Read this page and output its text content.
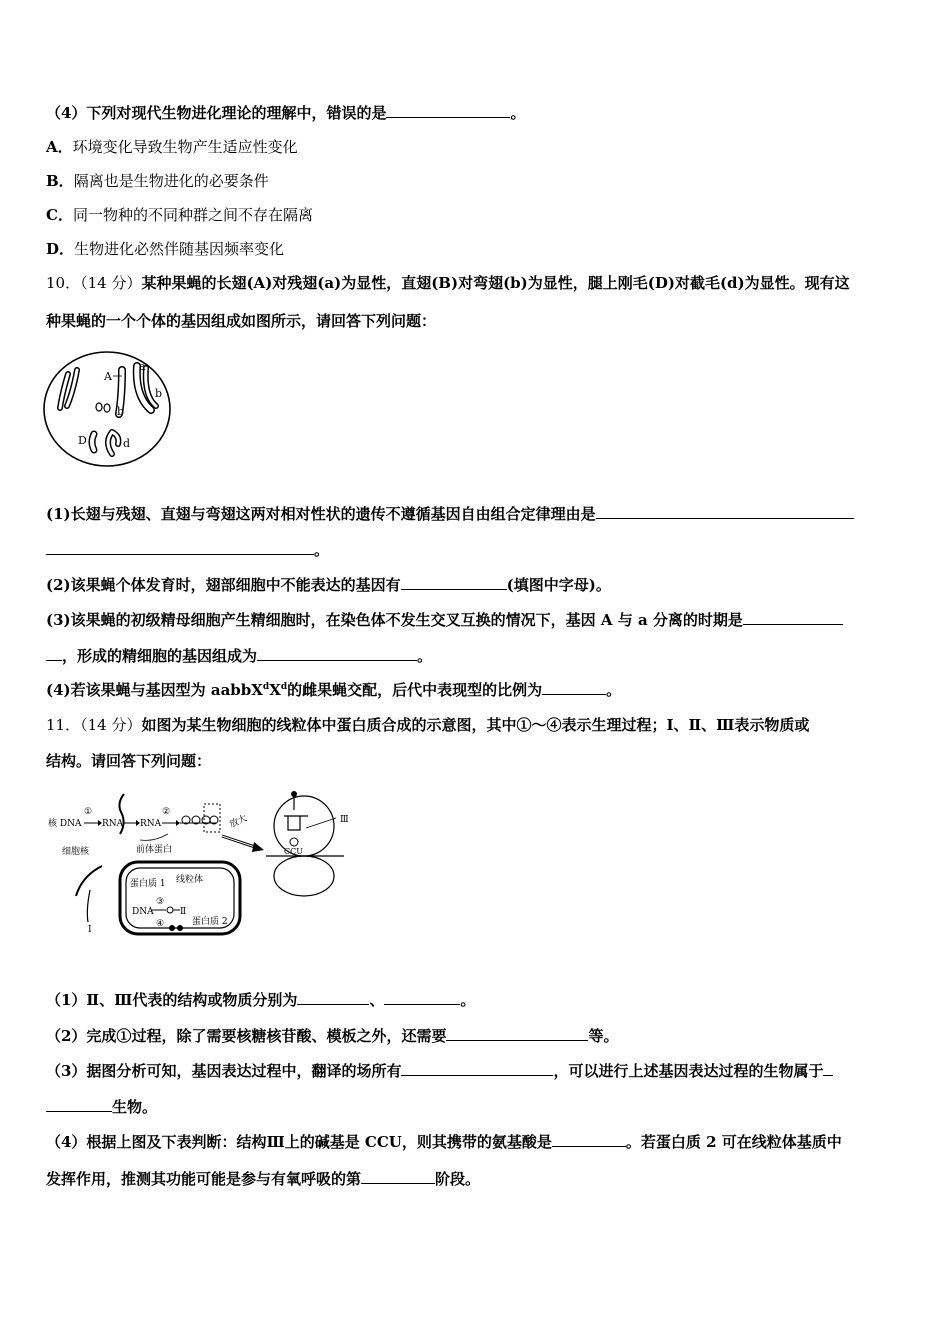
（4）下列对现代生物进化理论的理解中，错误的是	。
A．环境变化导致生物产生适应性变化
B．隔离也是生物进化的必要条件
C．同一物种的不同种群之间不存在隔离
D．生物进化必然伴随基因频率变化
10．（14 分）某种果蝇的长翅(A)对残翅(a)为显性，直翅(B)对弯翅(b)为显性，腿上刚毛(D)对截毛(d)为显性。现有这
种果蝇的一个个体的基因组成如图所示，请回答下列问题：
A
a
b
b
D	d
(1)长翅与残翅、直翅与弯翅这两对相对性状的遗传不遵循基因自由组合定律理由是
。
(2)该果蝇个体发育时，翅部细胞中不能表达的基因有	(填图中字母)。
(3)该果蝇的初级精母细胞产生精细胞时，在染色体不发生交叉互换的情况下，基因 A 与 a 分离的时期是
，形成的精细胞的基因组成为	。
(4)若该果蝇与基因型为 $aabbX^dX^d$的雌果蝇交配，后代中表现型的比例为	。
11．（14 分）如图为某生物细胞的线粒体中蛋白质合成的示意图，其中①～④表示生理过程；Ⅰ、Ⅱ、Ⅲ表示物质或
结构。请回答下列问题：
核 DNA
①
RNA RNA
②
细胞核	前体蛋白
放大
Ⅰ
蛋白质 1 线粒体
③
DNA	Ⅱ
④	蛋白质 2
Ⅲ
CCU
（1）Ⅱ、Ⅲ代表的结构或物质分别为	、	。
（2）完成①过程，除了需要核糖核苷酸、模板之外，还需要	等。
（3）据图分析可知，基因表达过程中，翻译的场所有	，可以进行上述基因表达过程的生物属于
生物。
（4）根据上图及下表判断：结构Ⅲ上的碱基是 CCU，则其携带的氨基酸是	。若蛋白质 2 可在线粒体基质中
发挥作用，推测其功能可能是参与有氧呼吸的第	阶段。
